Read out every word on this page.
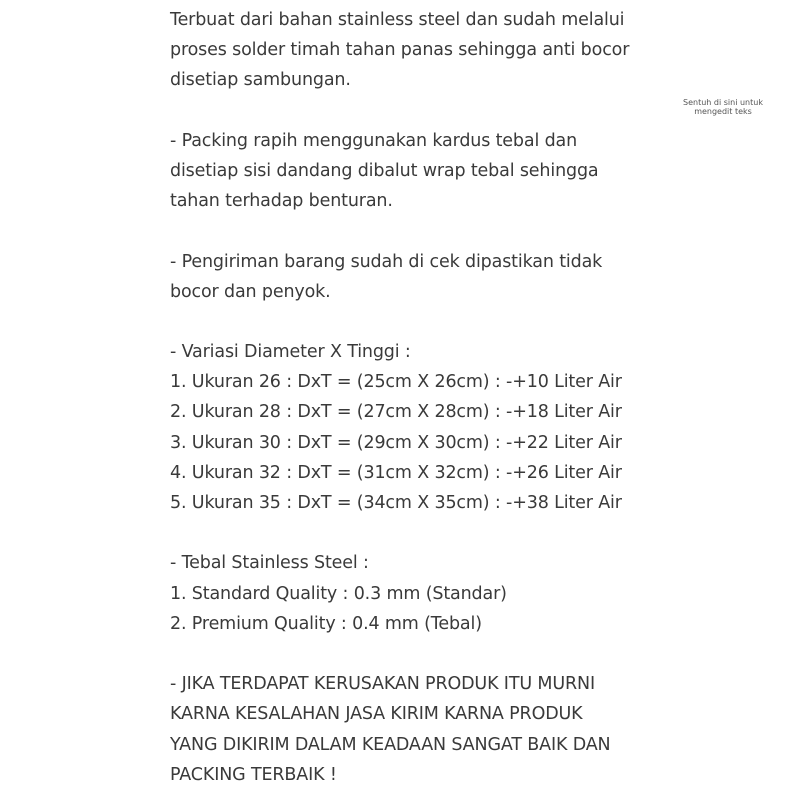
Terbuat dari bahan stainless steel dan sudah melalui
proses solder timah tahan panas sehingga anti bocor
disetiap sambungan.
- Packing rapih menggunakan kardus tebal dan
disetiap sisi dandang dibalut wrap tebal sehingga
tahan terhadap benturan.
- Pengiriman barang sudah di cek dipastikan tidak
bocor dan penyok.
- Variasi Diameter X Tinggi :
1. Ukuran 26 : DxT = (25cm X 26cm) : -+10 Liter Air
2. Ukuran 28 : DxT = (27cm X 28cm) : -+18 Liter Air
3. Ukuran 30 : DxT = (29cm X 30cm) : -+22 Liter Air
4. Ukuran 32 : DxT = (31cm X 32cm) : -+26 Liter Air
5. Ukuran 35 : DxT = (34cm X 35cm) : -+38 Liter Air
- Tebal Stainless Steel :
1. Standard Quality : 0.3 mm (Standar)
2. Premium Quality : 0.4 mm (Tebal)
- JIKA TERDAPAT KERUSAKAN PRODUK ITU MURNI
KARNA KESALAHAN JASA KIRIM KARNA PRODUK
YANG DIKIRIM DALAM KEADAAN SANGAT BAIK DAN
PACKING TERBAIK !
Sentuh di sini untuk mengedit teks
